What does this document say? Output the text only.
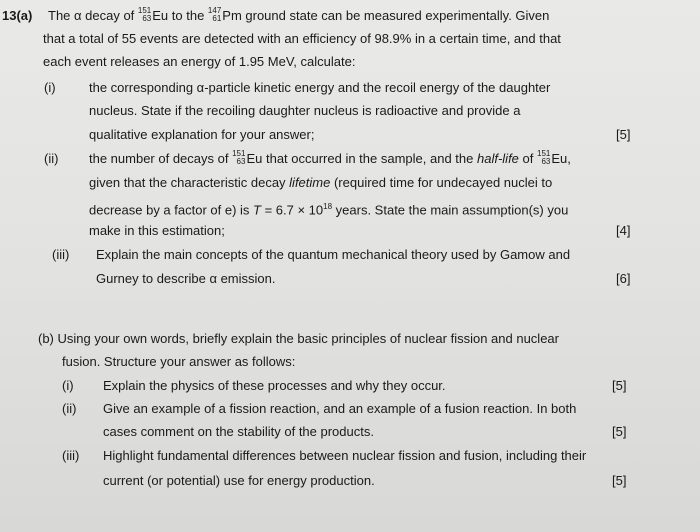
13(a) The α decay of 151
63 Eu to the 147
61 Pm ground state can be measured experimentally. Given
that a total of 55 events are detected with an efficiency of 98.9% in a certain time, and that
each event releases an energy of 1.95 MeV, calculate:
(i)	the corresponding α-particle kinetic energy and the recoil energy of the daughter
nucleus. State if the recoiling daughter nucleus is radioactive and provide a
qualitative explanation for your answer;	[5]
(ii) the number of decays of 151
63 Eu that occurred in the sample, and the half-life of 151
63 Eu,
given that the characteristic decay lifetime (required time for undecayed nuclei to
decrease by a factor of e) is $T = 6.7 \times 10^{18}$ years. State the main assumption(s) you
make in this estimation;	[4]
(iii) Explain the main concepts of the quantum mechanical theory used by Gamow and
Gurney to describe α emission.	[6]
(b) Using your own words, briefly explain the basic principles of nuclear fission and nuclear
fusion. Structure your answer as follows:
(i) Explain the physics of these processes and why they occur.	[5]
(ii) Give an example of a fission reaction, and an example of a fusion reaction. In both
cases comment on the stability of the products.	[5]
(iii) Highlight fundamental differences between nuclear fission and fusion, including their
current (or potential) use for energy production.	[5]
